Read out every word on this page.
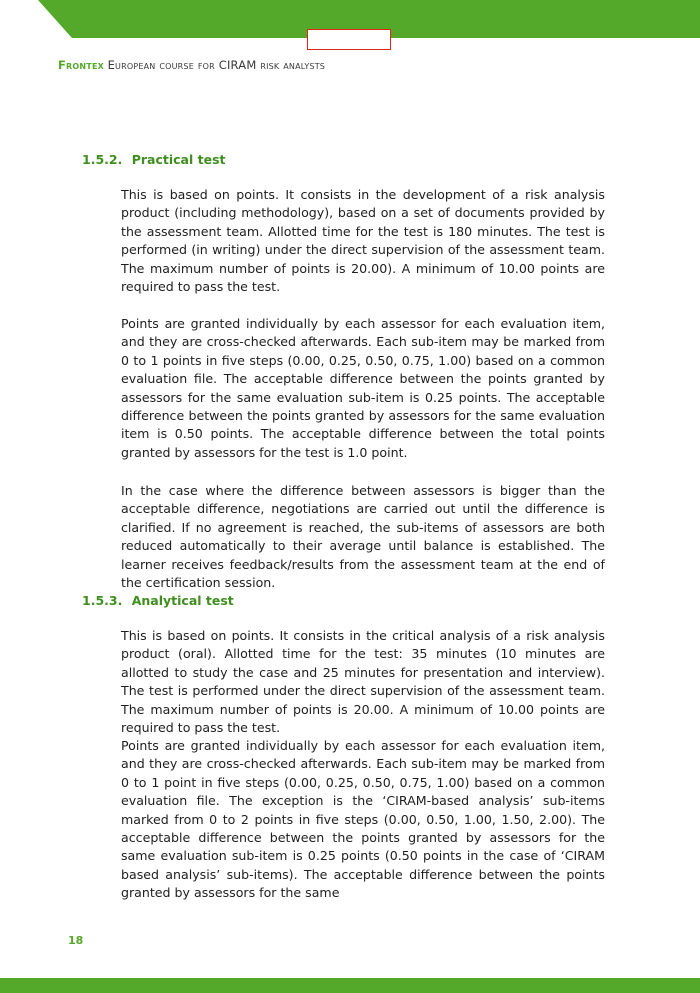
Frontex European course for CIRAM risk analysts
1.5.2. Practical test

This is based on points. It consists in the development of a risk analysis product (including methodology), based on a set of documents provided by the assessment team. Allotted time for the test is 180 minutes. The test is performed (in writing) under the direct supervision of the assessment team. The maximum number of points is 20.00). A minimum of 10.00 points are required to pass the test.

Points are granted individually by each assessor for each evaluation item, and they are cross-checked afterwards. Each sub-item may be marked from 0 to 1 points in five steps (0.00, 0.25, 0.50, 0.75, 1.00) based on a common evaluation file. The acceptable difference between the points granted by assessors for the same evaluation sub-item is 0.25 points. The acceptable difference between the points granted by assessors for the same evaluation item is 0.50 points. The acceptable difference between the total points granted by assessors for the test is 1.0 point.

In the case where the difference between assessors is bigger than the acceptable difference, negotiations are carried out until the difference is clarified. If no agreement is reached, the sub-items of assessors are both reduced automatically to their average until balance is established. The learner receives feedback/results from the assessment team at the end of the certification session.

1.5.3. Analytical test

This is based on points. It consists in the critical analysis of a risk analysis product (oral). Allotted time for the test: 35 minutes (10 minutes are allotted to study the case and 25 minutes for presentation and interview). The test is performed under the direct supervision of the assessment team. The maximum number of points is 20.00. A minimum of 10.00 points are required to pass the test.

Points are granted individually by each assessor for each evaluation item, and they are cross-checked afterwards. Each sub-item may be marked from 0 to 1 point in five steps (0.00, 0.25, 0.50, 0.75, 1.00) based on a common evaluation file. The exception is the ‘CIRAM-based analysis’ sub-items marked from 0 to 2 points in five steps (0.00, 0.50, 1.00, 1.50, 2.00). The acceptable difference between the points granted by assessors for the same evaluation sub-item is 0.25 points (0.50 points in the case of ‘CIRAM based analysis’ sub-items). The acceptable difference between the points granted by assessors for the same

18
